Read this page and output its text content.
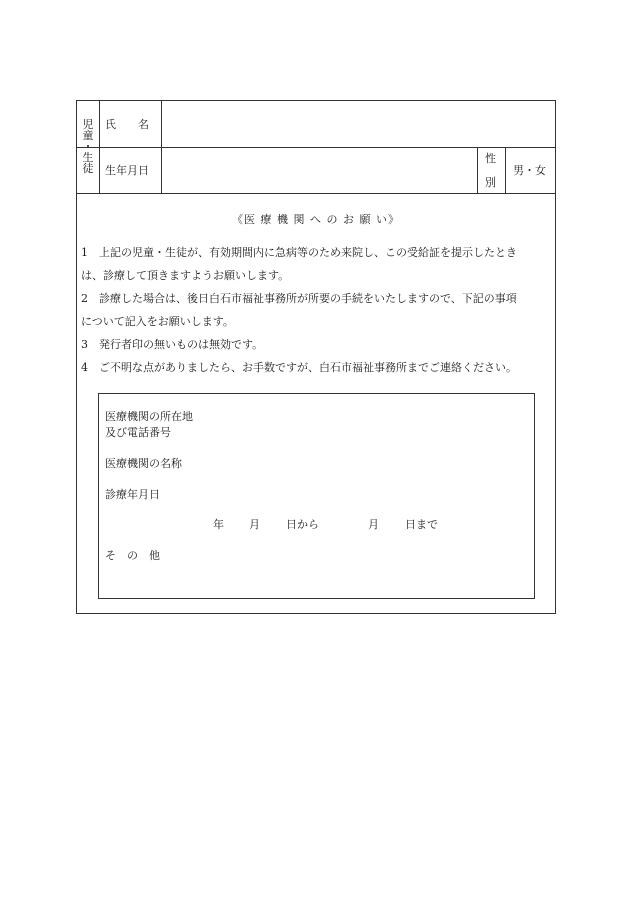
児
童
・
生
徒
氏　　名
生年月日
性
別
男・女
《医 療 機 関 へ の お 願 い》
1　上記の児童・生徒が、有効期間内に急病等のため来院し、この受給証を提示したとき
は、診療して頂きますようお願いします。
2　診療した場合は、後日白石市福祉事務所が所要の手続をいたしますので、下記の事項
について記入をお願いします。
3　発行者印の無いものは無効です。
4　ご不明な点がありましたら、お手数ですが、白石市福祉事務所までご連絡ください。
医療機関の所在地
及び電話番号
医療機関の名称
診療年月日
年 月 日から	月 日まで
そ　の　他
